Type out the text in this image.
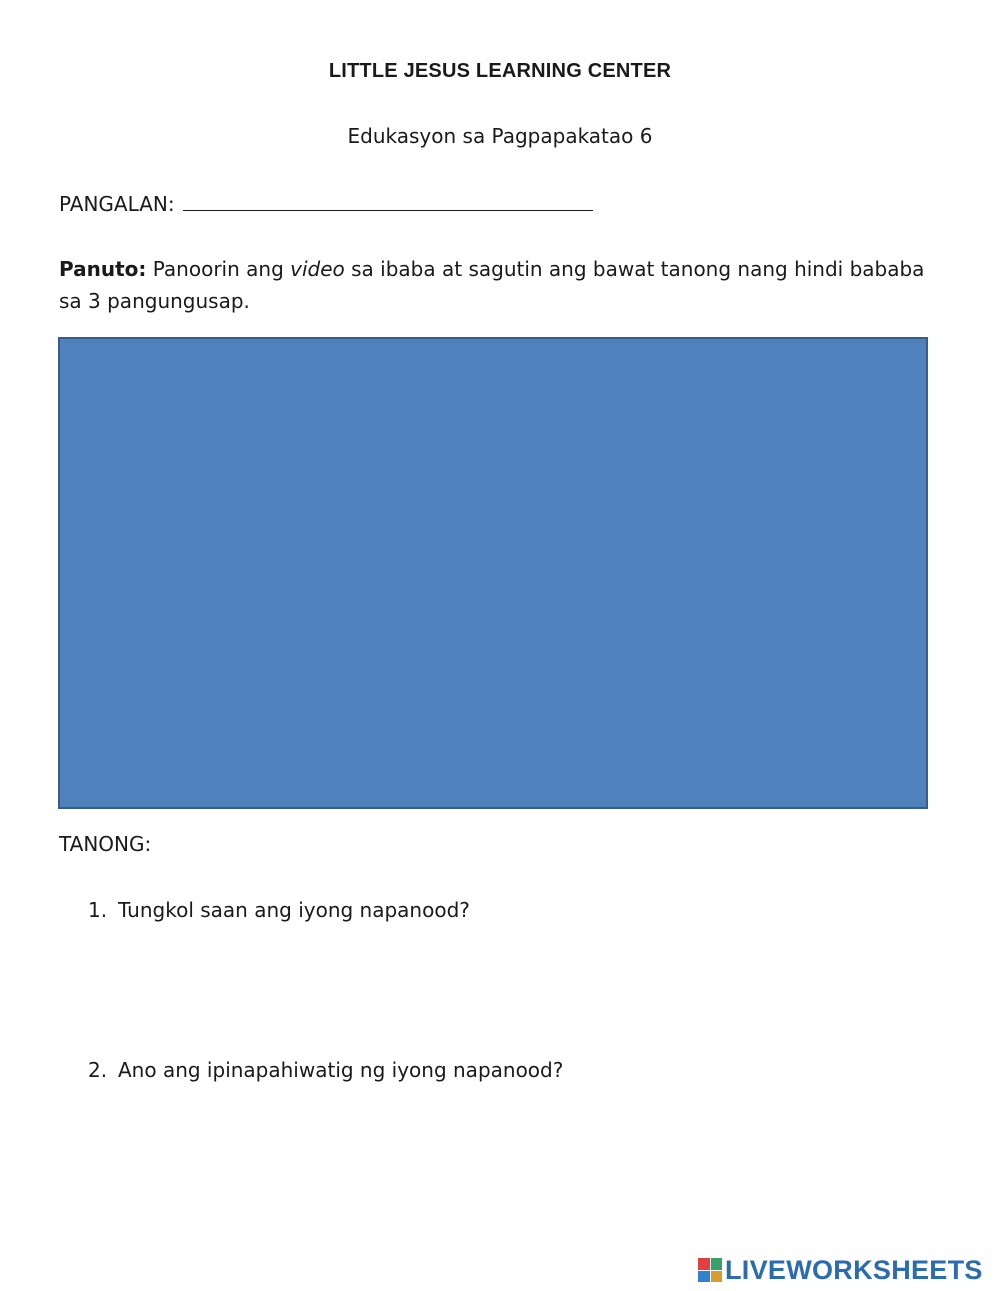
LITTLE JESUS LEARNING CENTER
Edukasyon sa Pagpapakatao 6
PANGALAN:
Panuto: Panoorin ang video sa ibaba at sagutin ang bawat tanong nang hindi bababa sa 3 pangungusap.
TANONG:
1. Tungkol saan ang iyong napanood?
2. Ano ang ipinapahiwatig ng iyong napanood?
LIVEWORKSHEETS
